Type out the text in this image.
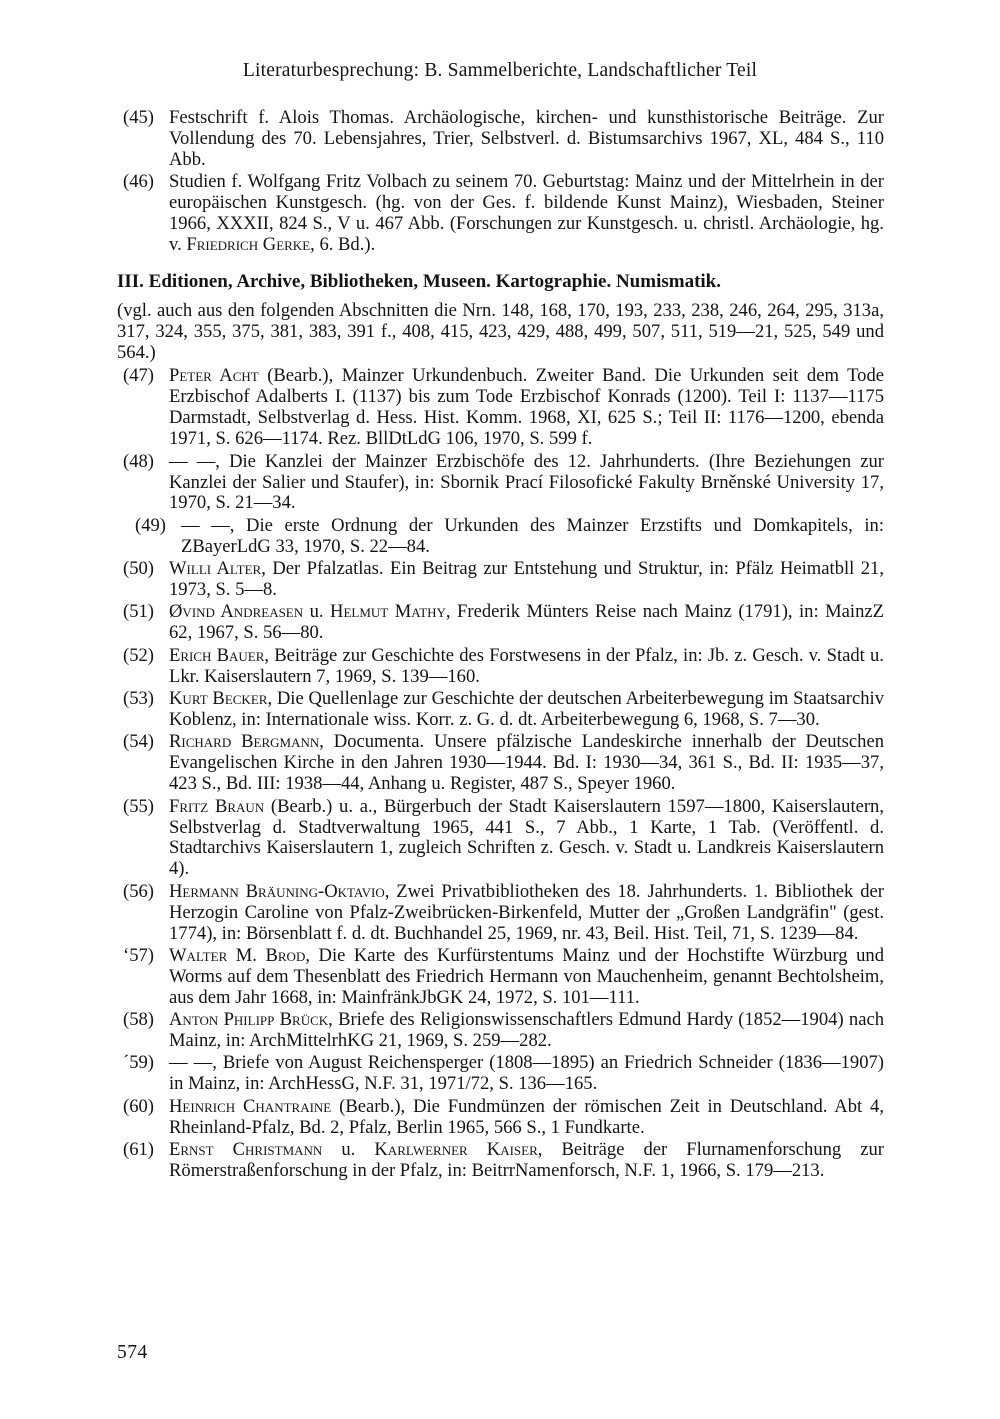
Literaturbesprechung: B. Sammelberichte, Landschaftlicher Teil
(45) Festschrift f. Alois Thomas. Archäologische, kirchen- und kunsthistorische Beiträge. Zur Vollendung des 70. Lebensjahres, Trier, Selbstverl. d. Bistumsarchivs 1967, XL, 484 S., 110 Abb.
(46) Studien f. Wolfgang Fritz Volbach zu seinem 70. Geburtstag: Mainz und der Mittelrhein in der europäischen Kunstgesch. (hg. von der Ges. f. bildende Kunst Mainz), Wiesbaden, Steiner 1966, XXXII, 824 S., V u. 467 Abb. (Forschungen zur Kunstgesch. u. christl. Archäologie, hg. v. Friedrich Gerke, 6. Bd.).
III. Editionen, Archive, Bibliotheken, Museen. Kartographie. Numismatik.
(vgl. auch aus den folgenden Abschnitten die Nrn. 148, 168, 170, 193, 233, 238, 246, 264, 295, 313a, 317, 324, 355, 375, 381, 383, 391 f., 408, 415, 423, 429, 488, 499, 507, 511, 519—21, 525, 549 und 564.)
(47) Peter Acht (Bearb.), Mainzer Urkundenbuch. Zweiter Band. Die Urkunden seit dem Tode Erzbischof Adalberts I. (1137) bis zum Tode Erzbischof Konrads (1200). Teil I: 1137—1175 Darmstadt, Selbstverlag d. Hess. Hist. Komm. 1968, XI, 625 S.; Teil II: 1176—1200, ebenda 1971, S. 626—1174. Rez. BllDtLdG 106, 1970, S. 599 f.
(48) — —, Die Kanzlei der Mainzer Erzbischöfe des 12. Jahrhunderts. (Ihre Beziehungen zur Kanzlei der Salier und Staufer), in: Sbornik Prací Filosofické Fakulty Brněnské University 17, 1970, S. 21—34.
(49) — —, Die erste Ordnung der Urkunden des Mainzer Erzstifts und Domkapitels, in: ZBayerLdG 33, 1970, S. 22—84.
(50) Willi Alter, Der Pfalzatlas. Ein Beitrag zur Entstehung und Struktur, in: Pfälz Heimatbll 21, 1973, S. 5—8.
(51) Øvind Andreasen u. Helmut Mathy, Frederik Münters Reise nach Mainz (1791), in: MainzZ 62, 1967, S. 56—80.
(52) Erich Bauer, Beiträge zur Geschichte des Forstwesens in der Pfalz, in: Jb. z. Gesch. v. Stadt u. Lkr. Kaiserslautern 7, 1969, S. 139—160.
(53) Kurt Becker, Die Quellenlage zur Geschichte der deutschen Arbeiterbewegung im Staatsarchiv Koblenz, in: Internationale wiss. Korr. z. G. d. dt. Arbeiterbewegung 6, 1968, S. 7—30.
(54) Richard Bergmann, Documenta. Unsere pfälzische Landeskirche innerhalb der Deutschen Evangelischen Kirche in den Jahren 1930—1944. Bd. I: 1930—34, 361 S., Bd. II: 1935—37, 423 S., Bd. III: 1938—44, Anhang u. Register, 487 S., Speyer 1960.
(55) Fritz Braun (Bearb.) u. a., Bürgerbuch der Stadt Kaiserslautern 1597—1800, Kaiserslautern, Selbstverlag d. Stadtverwaltung 1965, 441 S., 7 Abb., 1 Karte, 1 Tab. (Veröffentl. d. Stadtarchivs Kaiserslautern 1, zugleich Schriften z. Gesch. v. Stadt u. Landkreis Kaiserslautern 4).
(56) Hermann Bräuning-Oktavio, Zwei Privatbibliotheken des 18. Jahrhunderts. 1. Bibliothek der Herzogin Caroline von Pfalz-Zweibrücken-Birkenfeld, Mutter der „Großen Landgräfin" (gest. 1774), in: Börsenblatt f. d. dt. Buchhandel 25, 1969, nr. 43, Beil. Hist. Teil, 71, S. 1239—84.
‘57) Walter M. Brod, Die Karte des Kurfürstentums Mainz und der Hochstifte Würzburg und Worms auf dem Thesenblatt des Friedrich Hermann von Mauchenheim, genannt Bechtolsheim, aus dem Jahr 1668, in: MainfränkJbGK 24, 1972, S. 101—111.
(58) Anton Philipp Brück, Briefe des Religionswissenschaftlers Edmund Hardy (1852—1904) nach Mainz, in: ArchMittelrhKG 21, 1969, S. 259—282.
´59) — —, Briefe von August Reichensperger (1808—1895) an Friedrich Schneider (1836—1907) in Mainz, in: ArchHessG, N.F. 31, 1971/72, S. 136—165.
(60) Heinrich Chantraine (Bearb.), Die Fundmünzen der römischen Zeit in Deutschland. Abt 4, Rheinland-Pfalz, Bd. 2, Pfalz, Berlin 1965, 566 S., 1 Fundkarte.
(61) Ernst Christmann u. Karlwerner Kaiser, Beiträge der Flurnamenforschung zur Römerstraßenforschung in der Pfalz, in: BeitrrNamenforsch, N.F. 1, 1966, S. 179—213.
574
